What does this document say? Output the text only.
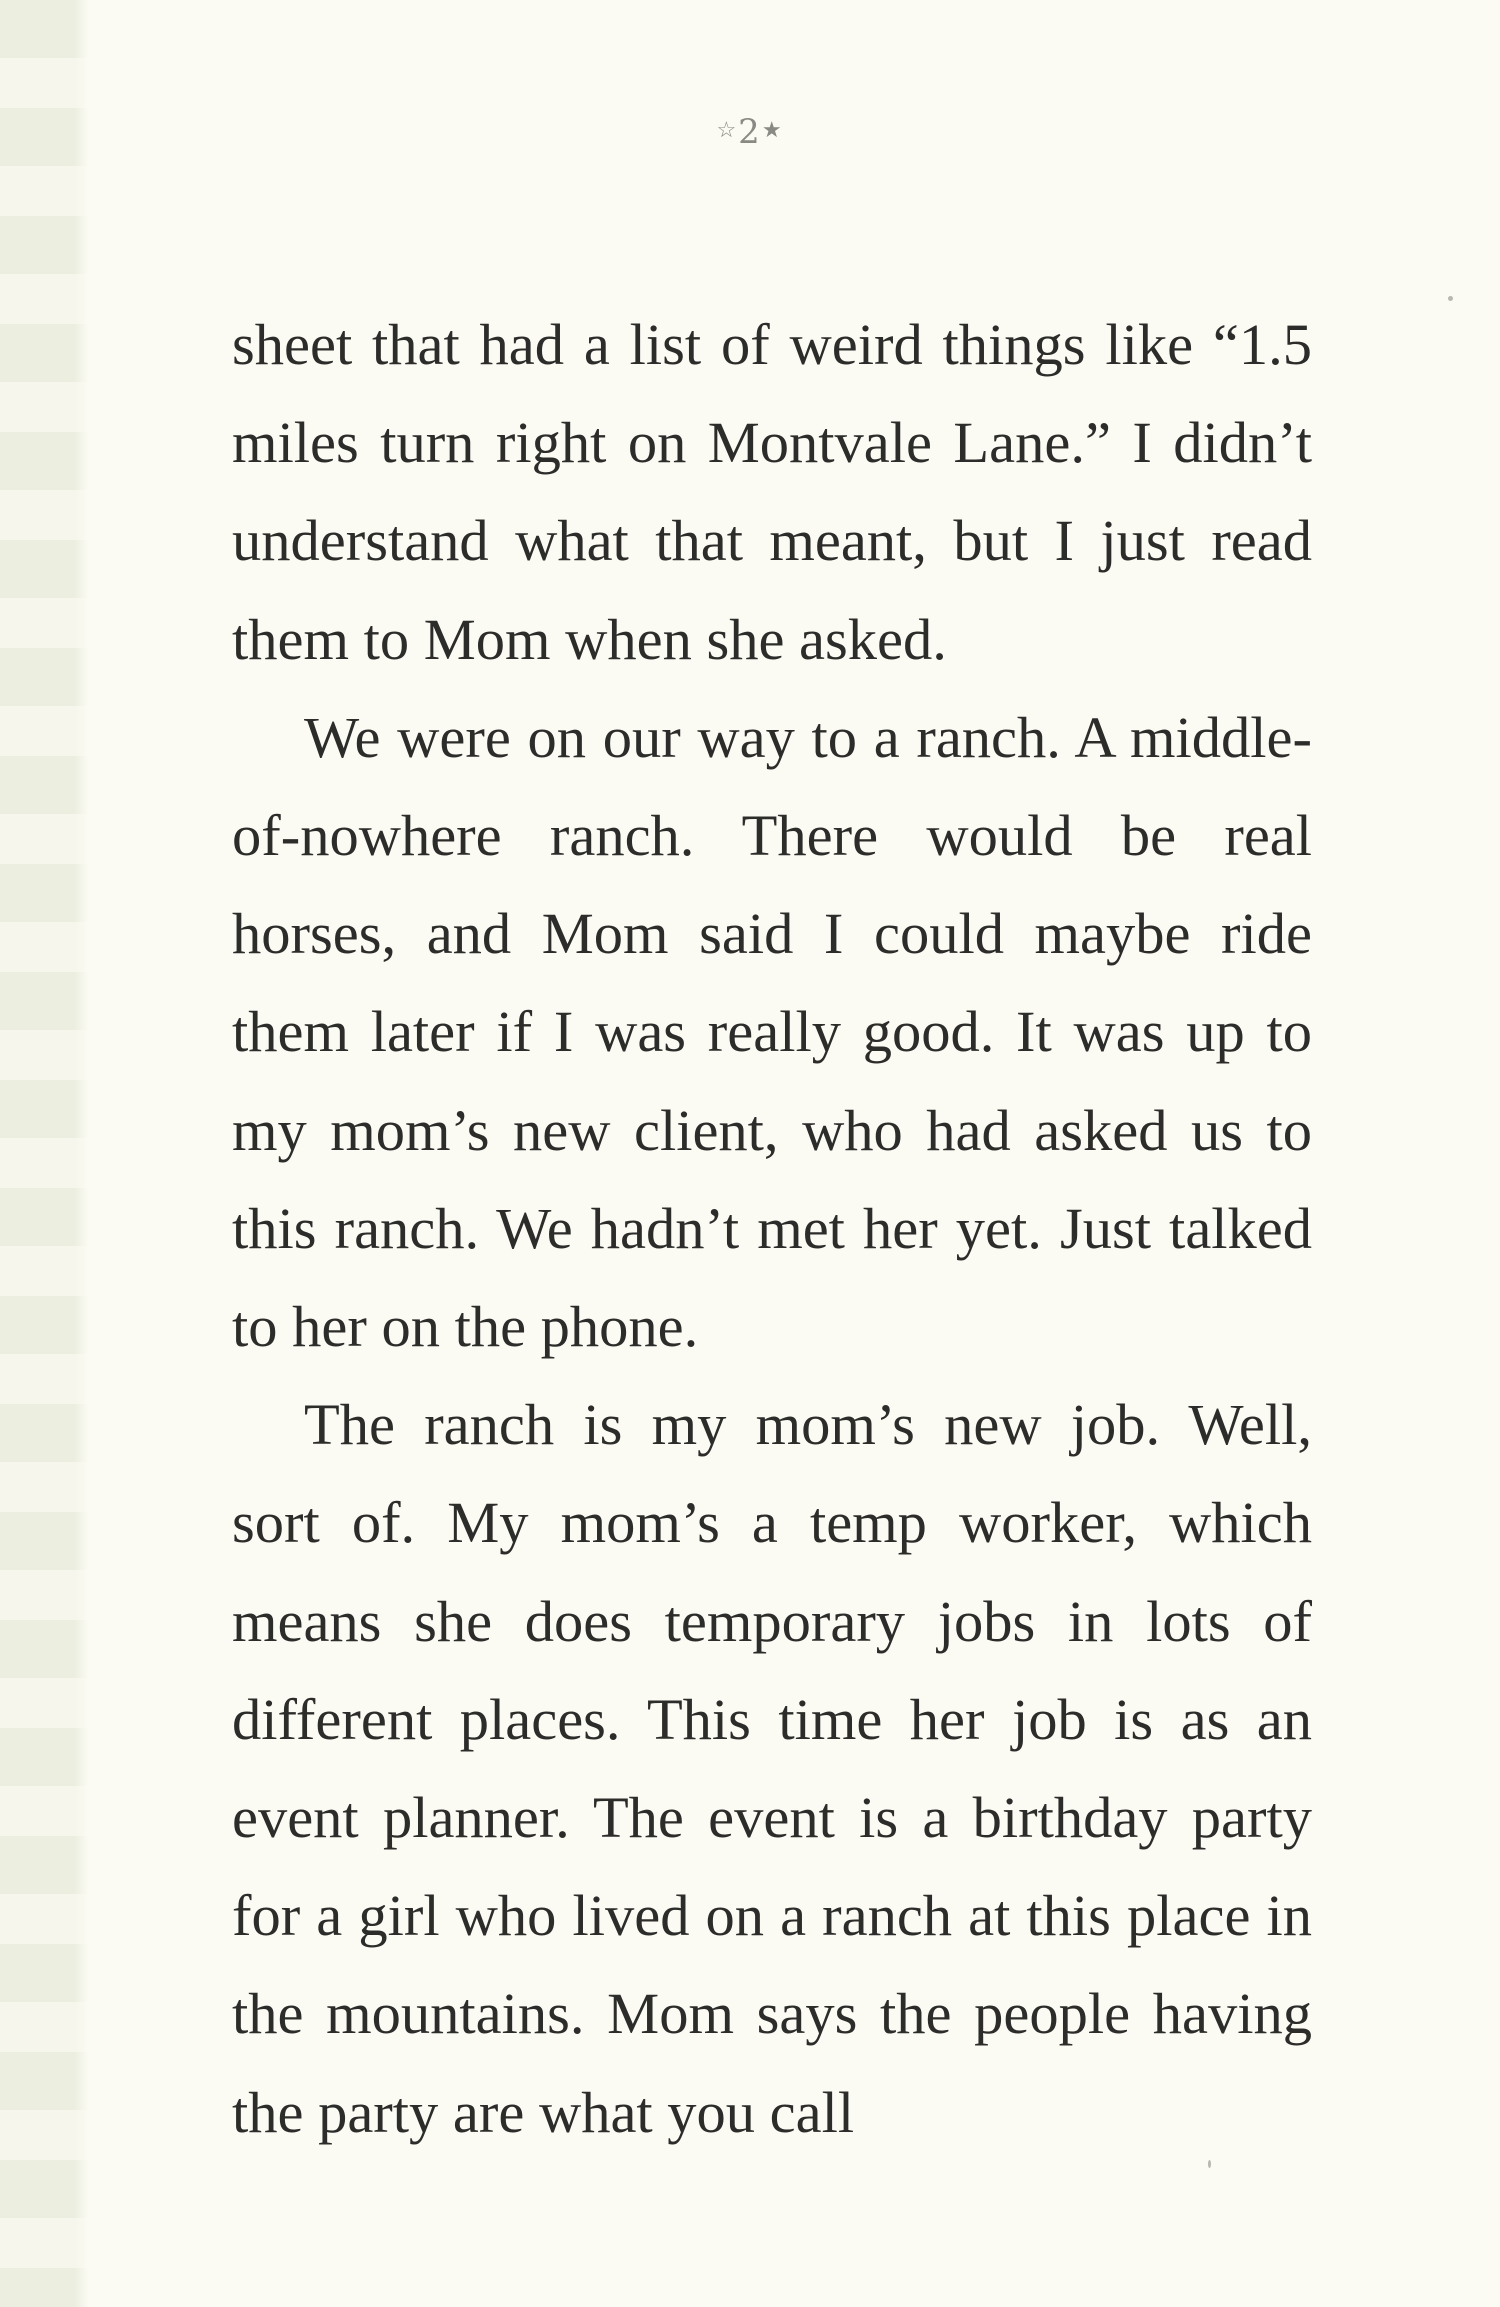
☆2★

sheet that had a list of weird things like “1.5 miles turn right on Montvale Lane.” I didn’t understand what that meant, but I just read them to Mom when she asked.

We were on our way to a ranch. A middle-of-nowhere ranch. There would be real horses, and Mom said I could maybe ride them later if I was really good. It was up to my mom’s new client, who had asked us to this ranch. We hadn’t met her yet. Just talked to her on the phone.

The ranch is my mom’s new job. Well, sort of. My mom’s a temp worker, which means she does temporary jobs in lots of different places. This time her job is as an event planner. The event is a birthday party for a girl who lived on a ranch at this place in the mountains. Mom says the people having the party are what you call
